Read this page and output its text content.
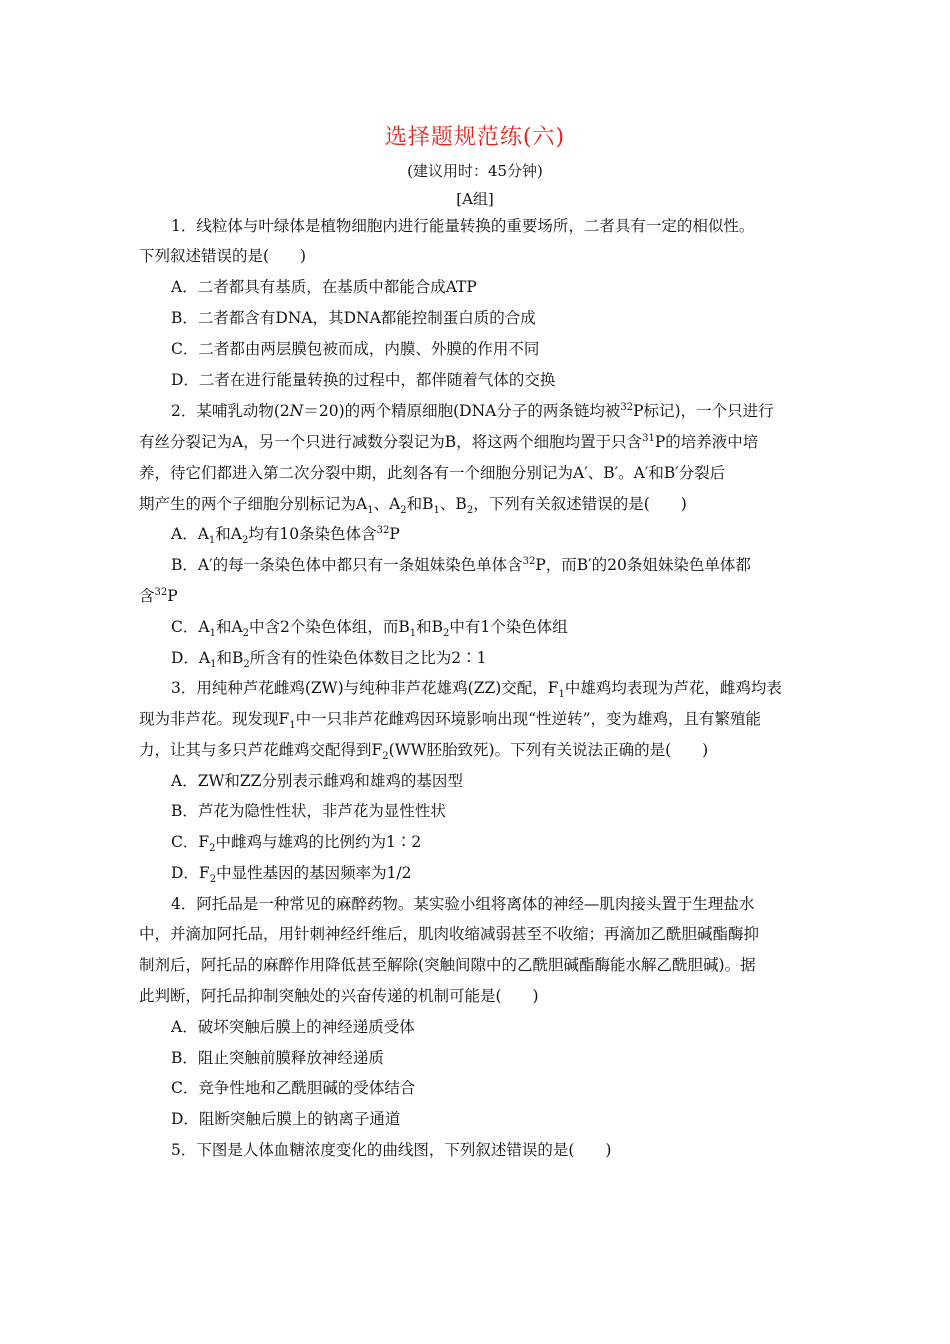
选择题规范练(六)
(建议用时：45分钟)
[A组]
1．线粒体与叶绿体是植物细胞内进行能量转换的重要场所，二者具有一定的相似性。
下列叙述错误的是(　　)
A．二者都具有基质，在基质中都能合成ATP
B．二者都含有DNA，其DNA都能控制蛋白质的合成
C．二者都由两层膜包被而成，内膜、外膜的作用不同
D．二者在进行能量转换的过程中，都伴随着气体的交换
2．某哺乳动物(2N＝20)的两个精原细胞(DNA分子的两条链均被$^{32}$P标记)，一个只进行
有丝分裂记为A，另一个只进行减数分裂记为B，将这两个细胞均置于只含$^{31}$P的培养液中培
养，待它们都进入第二次分裂中期，此刻各有一个细胞分别记为A′、B′。A′和B′分裂后
期产生的两个子细胞分别标记为$A_1$、$A_2$和$B_1$、$B_2$，下列有关叙述错误的是(　　)
A．$A_1$和$A_2$均有10条染色体含$^{32}$P
B．A′的每一条染色体中都只有一条姐妹染色单体含$^{32}$P，而B′的20条姐妹染色单体都
含$^{32}$P
C．$A_1$和$A_2$中含2个染色体组，而$B_1$和$B_2$中有1个染色体组
D．$A_1$和$B_2$所含有的性染色体数目之比为2∶1
3．用纯种芦花雌鸡(ZW)与纯种非芦花雄鸡(ZZ)交配，$F_1$中雄鸡均表现为芦花，雌鸡均表
现为非芦花。现发现$F_1$中一只非芦花雌鸡因环境影响出现“性逆转”，变为雄鸡，且有繁殖能
力，让其与多只芦花雌鸡交配得到$F_2(WW$胚胎致死)。下列有关说法正确的是(　　)
A．ZW和ZZ分别表示雌鸡和雄鸡的基因型
B．芦花为隐性性状，非芦花为显性性状
C．$F_2$中雌鸡与雄鸡的比例约为1∶2
D．$F_2$中显性基因的基因频率为1/2
4．阿托品是一种常见的麻醉药物。某实验小组将离体的神经—肌肉接头置于生理盐水
中，并滴加阿托品，用针刺神经纤维后，肌肉收缩减弱甚至不收缩；再滴加乙酰胆碱酯酶抑
制剂后，阿托品的麻醉作用降低甚至解除(突触间隙中的乙酰胆碱酯酶能水解乙酰胆碱)。据
此判断，阿托品抑制突触处的兴奋传递的机制可能是(　　)
A．破坏突触后膜上的神经递质受体
B．阻止突触前膜释放神经递质
C．竞争性地和乙酰胆碱的受体结合
D．阻断突触后膜上的钠离子通道
5．下图是人体血糖浓度变化的曲线图，下列叙述错误的是(　　)
